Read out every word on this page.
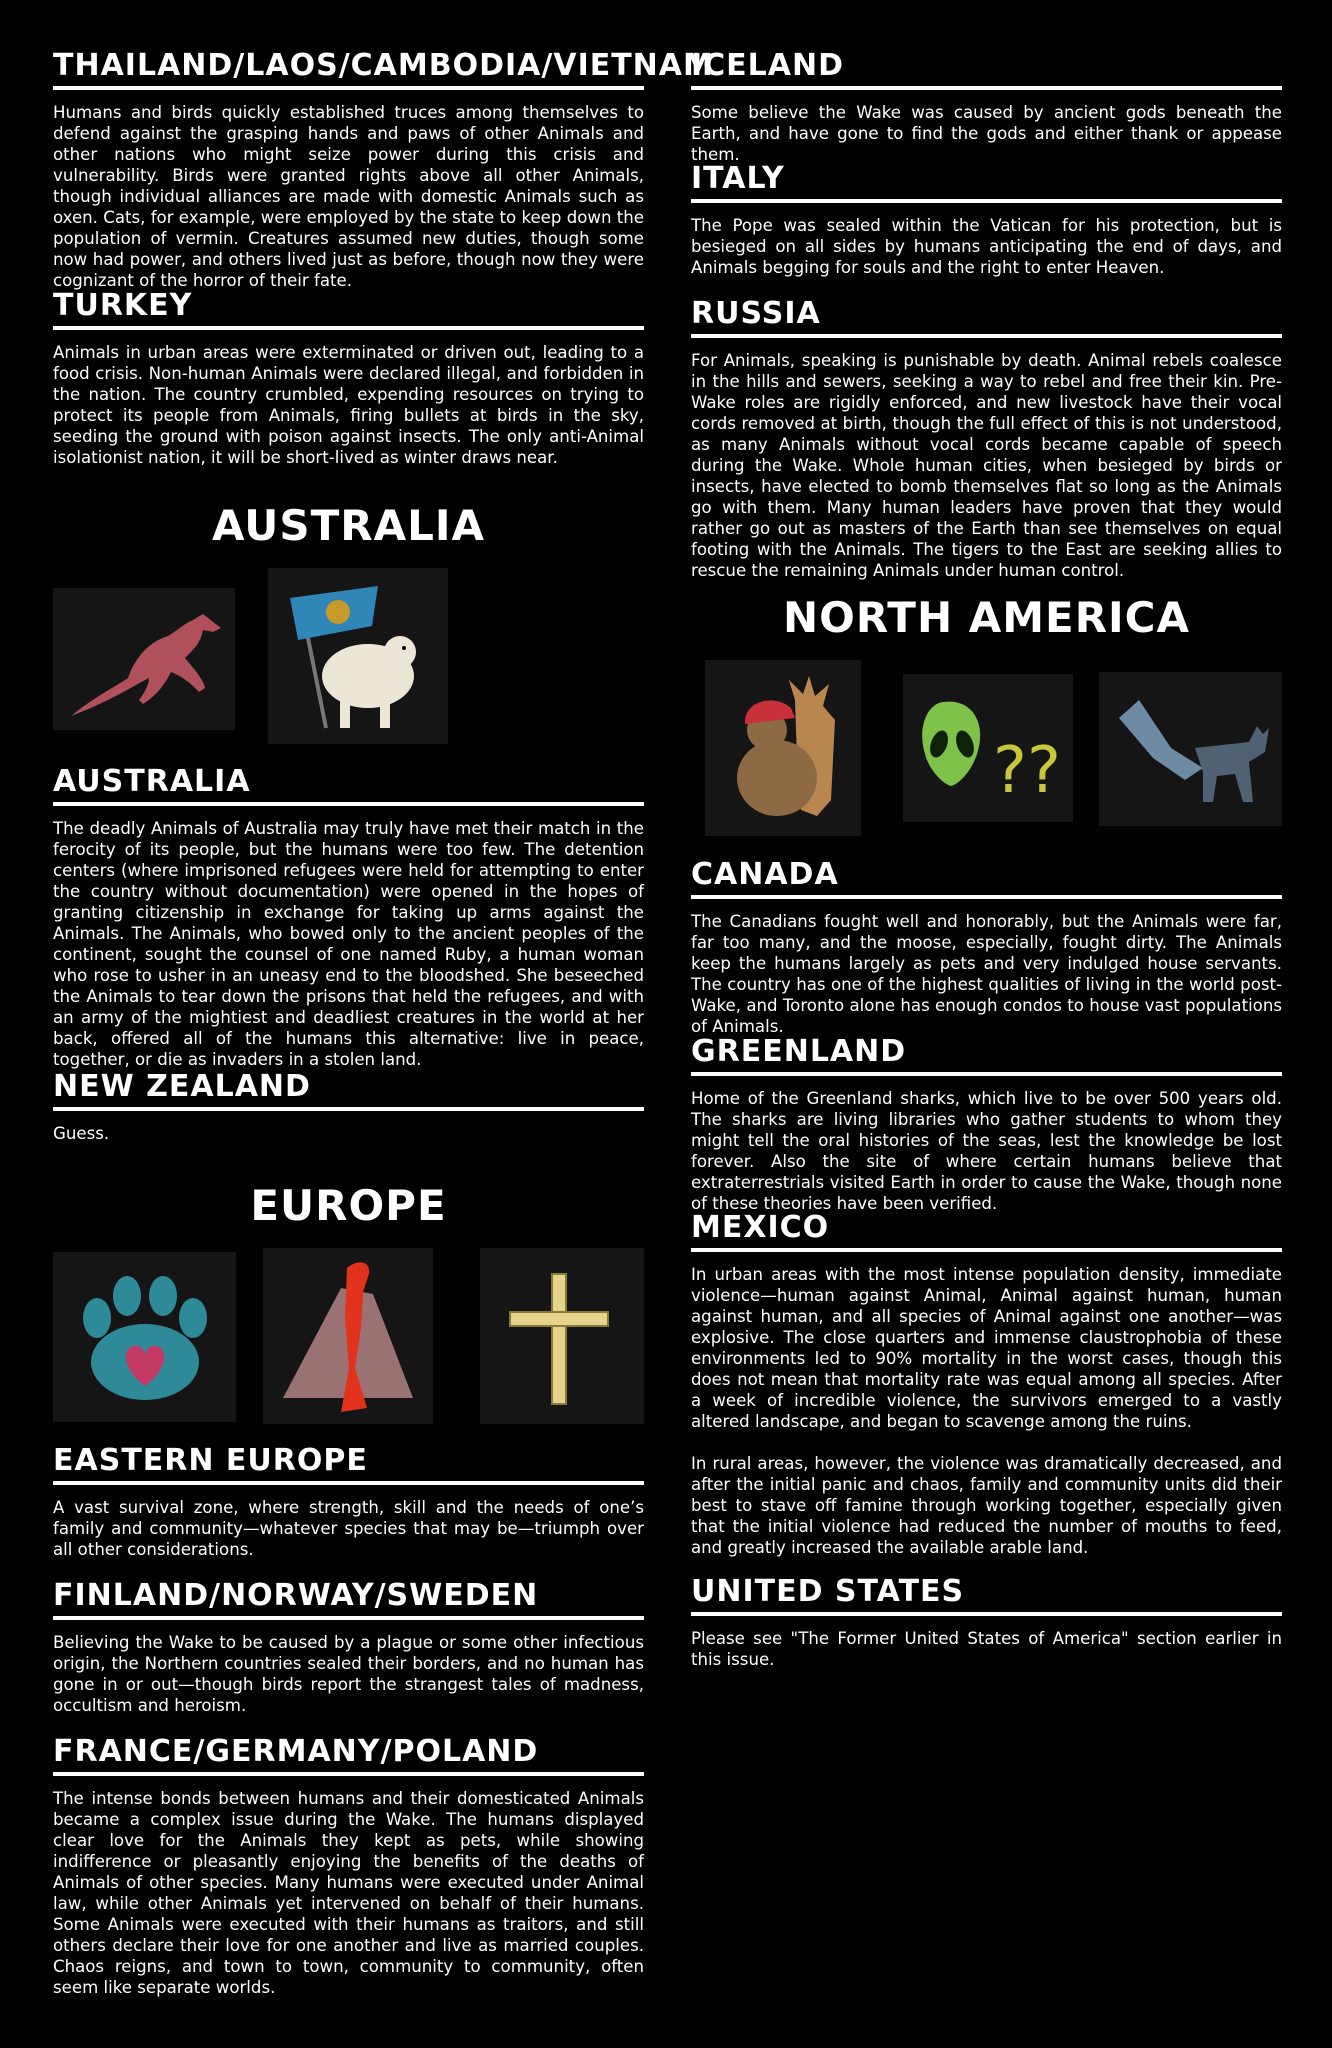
THAILAND/LAOS/CAMBODIA/VIETNAM

Humans and birds quickly established truces among themselves to defend against the grasping hands and paws of other Animals and other nations who might seize power during this crisis and vulnerability. Birds were granted rights above all other Animals, though individual alliances are made with domestic Animals such as oxen. Cats, for example, were employed by the state to keep down the population of vermin. Creatures assumed new duties, though some now had power, and others lived just as before, though now they were cognizant of the horror of their fate.

TURKEY

Animals in urban areas were exterminated or driven out, leading to a food crisis. Non-human Animals were declared illegal, and forbidden in the nation. The country crumbled, expending resources on trying to protect its people from Animals, firing bullets at birds in the sky, seeding the ground with poison against insects. The only anti-Animal isolationist nation, it will be short-lived as winter draws near.

AUSTRALIA
AUSTRALIA

The deadly Animals of Australia may truly have met their match in the ferocity of its people, but the humans were too few. The detention centers (where imprisoned refugees were held for attempting to enter the country without documentation) were opened in the hopes of granting citizenship in exchange for taking up arms against the Animals. The Animals, who bowed only to the ancient peoples of the continent, sought the counsel of one named Ruby, a human woman who rose to usher in an uneasy end to the bloodshed. She beseeched the Animals to tear down the prisons that held the refugees, and with an army of the mightiest and deadliest creatures in the world at her back, offered all of the humans this alternative: live in peace, together, or die as invaders in a stolen land.

NEW ZEALAND

Guess.

EUROPE
EASTERN EUROPE

A vast survival zone, where strength, skill and the needs of one’s family and community—whatever species that may be—triumph over all other considerations.

FINLAND/NORWAY/SWEDEN

Believing the Wake to be caused by a plague or some other infectious origin, the Northern countries sealed their borders, and no human has gone in or out—though birds report the strangest tales of madness, occultism and heroism.

FRANCE/GERMANY/POLAND

The intense bonds between humans and their domesticated Animals became a complex issue during the Wake. The humans displayed clear love for the Animals they kept as pets, while showing indifference or pleasantly enjoying the benefits of the deaths of Animals of other species. Many humans were executed under Animal law, while other Animals yet intervened on behalf of their humans. Some Animals were executed with their humans as traitors, and still others declare their love for one another and live as married couples. Chaos reigns, and town to town, community to community, often seem like separate worlds.

ICELAND

Some believe the Wake was caused by ancient gods beneath the Earth, and have gone to find the gods and either thank or appease them.

ITALY

The Pope was sealed within the Vatican for his protection, but is besieged on all sides by humans anticipating the end of days, and Animals begging for souls and the right to enter Heaven.

RUSSIA

For Animals, speaking is punishable by death. Animal rebels coalesce in the hills and sewers, seeking a way to rebel and free their kin. Pre-Wake roles are rigidly enforced, and new livestock have their vocal cords removed at birth, though the full effect of this is not understood, as many Animals without vocal cords became capable of speech during the Wake. Whole human cities, when besieged by birds or insects, have elected to bomb themselves flat so long as the Animals go with them. Many human leaders have proven that they would rather go out as masters of the Earth than see themselves on equal footing with the Animals. The tigers to the East are seeking allies to rescue the remaining Animals under human control.

NORTH AMERICA
??
CANADA

The Canadians fought well and honorably, but the Animals were far, far too many, and the moose, especially, fought dirty. The Animals keep the humans largely as pets and very indulged house servants. The country has one of the highest qualities of living in the world post-Wake, and Toronto alone has enough condos to house vast populations of Animals.

GREENLAND

Home of the Greenland sharks, which live to be over 500 years old. The sharks are living libraries who gather students to whom they might tell the oral histories of the seas, lest the knowledge be lost forever. Also the site of where certain humans believe that extraterrestrials visited Earth in order to cause the Wake, though none of these theories have been verified.

MEXICO

In urban areas with the most intense population density, immediate violence—human against Animal, Animal against human, human against human, and all species of Animal against one another—was explosive. The close quarters and immense claustrophobia of these environments led to 90% mortality in the worst cases, though this does not mean that mortality rate was equal among all species. After a week of incredible violence, the survivors emerged to a vastly altered landscape, and began to scavenge among the ruins.

In rural areas, however, the violence was dramatically decreased, and after the initial panic and chaos, family and community units did their best to stave off famine through working together, especially given that the initial violence had reduced the number of mouths to feed, and greatly increased the available arable land.

UNITED STATES

Please see "The Former United States of America" section earlier in this issue.
